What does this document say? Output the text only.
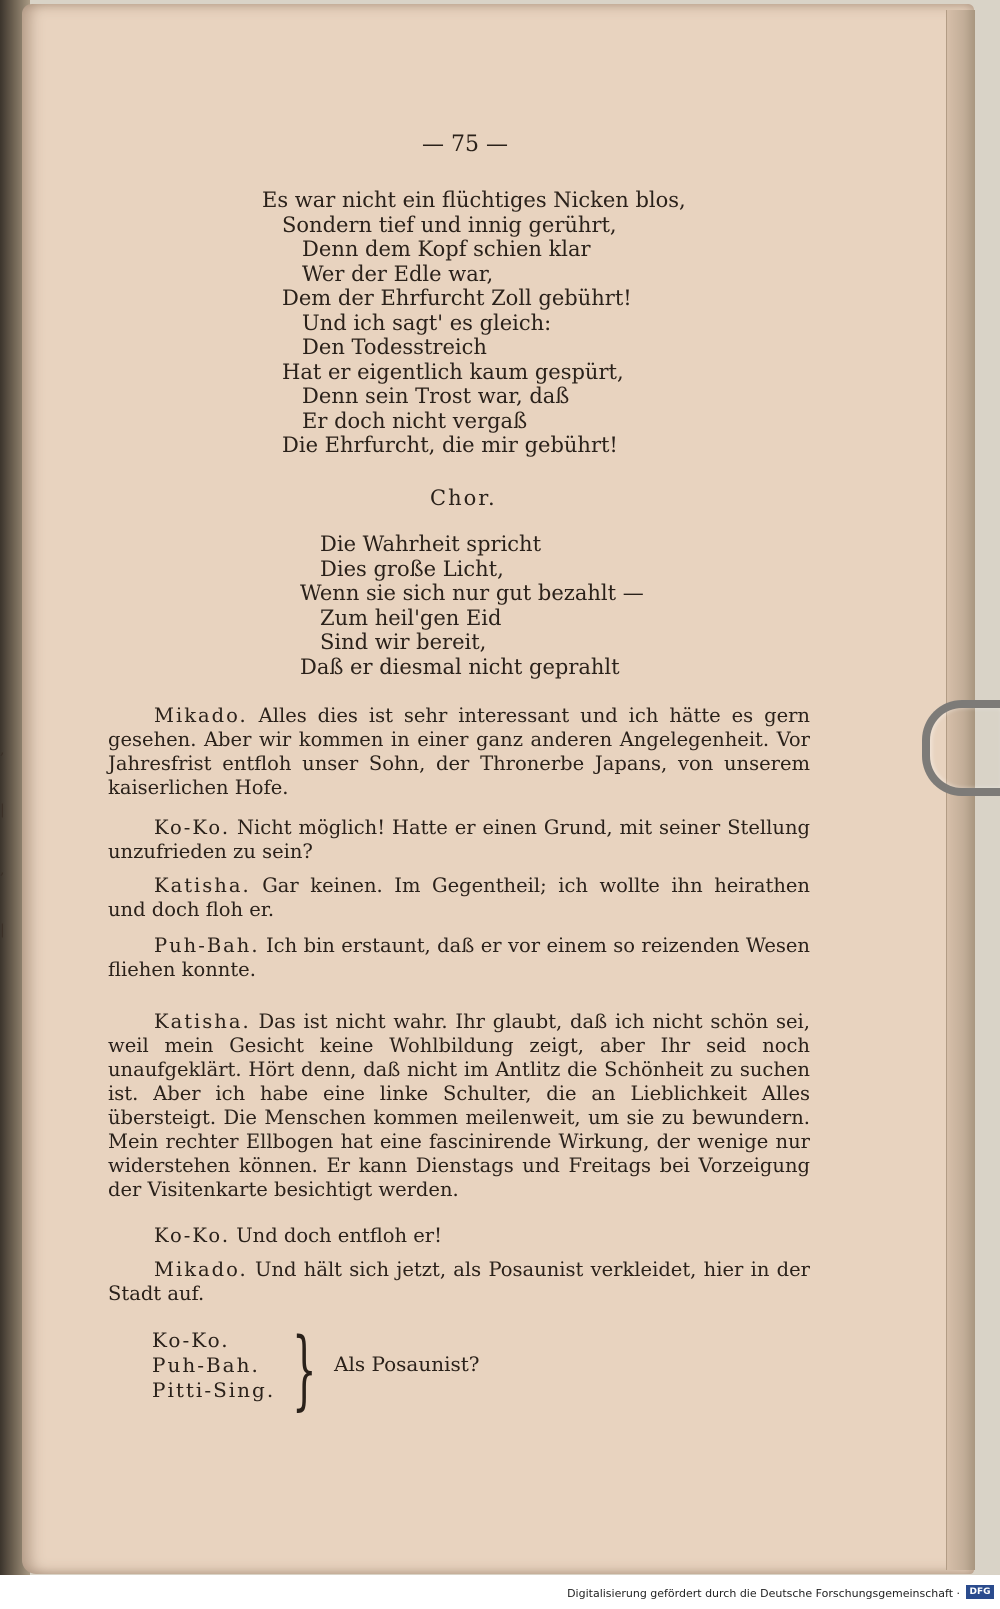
,
|
,
|
— 75 —
Es war nicht ein flüchtiges Nicken blos,
Sondern tief und innig gerührt,
Denn dem Kopf schien klar
Wer der Edle war,
Dem der Ehrfurcht Zoll gebührt!
Und ich sagt' es gleich:
Den Todesstreich
Hat er eigentlich kaum gespürt,
Denn sein Trost war, daß
Er doch nicht vergaß
Die Ehrfurcht, die mir gebührt!
Chor.
Die Wahrheit spricht
Dies große Licht,
Wenn sie sich nur gut bezahlt —
Zum heil'gen Eid
Sind wir bereit,
Daß er diesmal nicht geprahlt
Mikado. Alles dies ist sehr interessant und ich hätte es gern gesehen. Aber wir kommen in einer ganz anderen Angelegenheit. Vor Jahresfrist entfloh unser Sohn, der Thronerbe Japans, von unserem kaiserlichen Hofe.
Ko-Ko. Nicht möglich! Hatte er einen Grund, mit seiner Stellung unzufrieden zu sein?
Katisha. Gar keinen. Im Gegentheil; ich wollte ihn heirathen und doch floh er.
Puh-Bah. Ich bin erstaunt, daß er vor einem so reizenden Wesen fliehen konnte.
Katisha. Das ist nicht wahr. Ihr glaubt, daß ich nicht schön sei, weil mein Gesicht keine Wohlbildung zeigt, aber Ihr seid noch unaufgeklärt. Hört denn, daß nicht im Antlitz die Schönheit zu suchen ist. Aber ich habe eine linke Schulter, die an Lieblichkeit Alles übersteigt. Die Menschen kommen meilenweit, um sie zu bewundern. Mein rechter Ellbogen hat eine fascinirende Wirkung, der wenige nur widerstehen können. Er kann Dienstags und Freitags bei Vorzeigung der Visitenkarte besichtigt werden.
Ko-Ko. Und doch entfloh er!
Mikado. Und hält sich jetzt, als Posaunist verkleidet, hier in der Stadt auf.
Ko-Ko.
Puh-Bah.
Pitti-Sing. } Als Posaunist?
Digitalisierung gefördert durch die Deutsche Forschungsgemeinschaft ·	DFG
